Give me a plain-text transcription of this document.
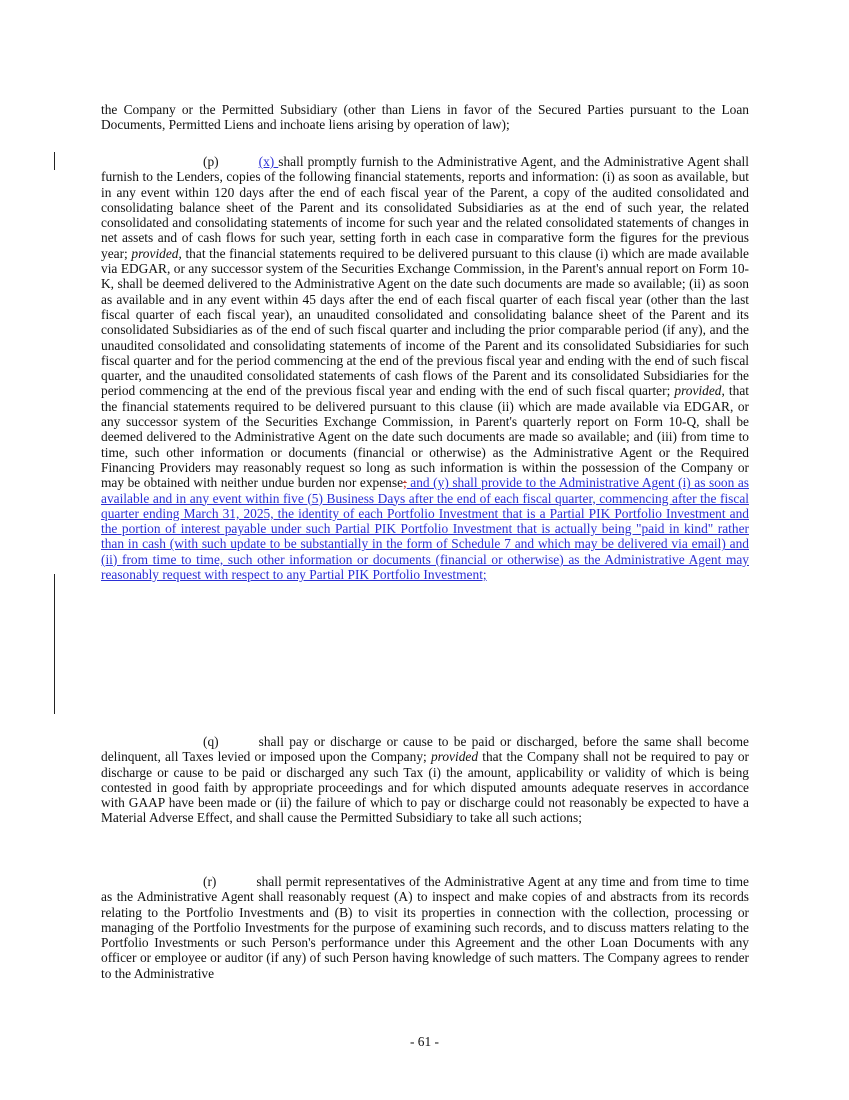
the Company or the Permitted Subsidiary (other than Liens in favor of the Secured Parties pursuant to the Loan Documents, Permitted Liens and inchoate liens arising by operation of law);
(p)	(x) shall promptly furnish to the Administrative Agent, and the Administrative Agent shall furnish to the Lenders, copies of the following financial statements, reports and information: (i) as soon as available, but in any event within 120 days after the end of each fiscal year of the Parent, a copy of the audited consolidated and consolidating balance sheet of the Parent and its consolidated Subsidiaries as at the end of such year, the related consolidated and consolidating statements of income for such year and the related consolidated statements of changes in net assets and of cash flows for such year, setting forth in each case in comparative form the figures for the previous year; provided, that the financial statements required to be delivered pursuant to this clause (i) which are made available via EDGAR, or any successor system of the Securities Exchange Commission, in the Parent's annual report on Form 10-K, shall be deemed delivered to the Administrative Agent on the date such documents are made so available; (ii) as soon as available and in any event within 45 days after the end of each fiscal quarter of each fiscal year (other than the last fiscal quarter of each fiscal year), an unaudited consolidated and consolidating balance sheet of the Parent and its consolidated Subsidiaries as of the end of such fiscal quarter and including the prior comparable period (if any), and the unaudited consolidated and consolidating statements of income of the Parent and its consolidated Subsidiaries for such fiscal quarter and for the period commencing at the end of the previous fiscal year and ending with the end of such fiscal quarter, and the unaudited consolidated statements of cash flows of the Parent and its consolidated Subsidiaries for the period commencing at the end of the previous fiscal year and ending with the end of such fiscal quarter; provided, that the financial statements required to be delivered pursuant to this clause (ii) which are made available via EDGAR, or any successor system of the Securities Exchange Commission, in Parent's quarterly report on Form 10-Q, shall be deemed delivered to the Administrative Agent on the date such documents are made so available; and (iii) from time to time, such other information or documents (financial or otherwise) as the Administrative Agent or the Required Financing Providers may reasonably request so long as such information is within the possession of the Company or may be obtained with neither undue burden nor expense; and (y) shall provide to the Administrative Agent (i) as soon as available and in any event within five (5) Business Days after the end of each fiscal quarter, commencing after the fiscal quarter ending March 31, 2025, the identity of each Portfolio Investment that is a Partial PIK Portfolio Investment and the portion of interest payable under such Partial PIK Portfolio Investment that is actually being "paid in kind" rather than in cash (with such update to be substantially in the form of Schedule 7 and which may be delivered via email) and (ii) from time to time, such other information or documents (financial or otherwise) as the Administrative Agent may reasonably request with respect to any Partial PIK Portfolio Investment;
(q)	shall pay or discharge or cause to be paid or discharged, before the same shall become delinquent, all Taxes levied or imposed upon the Company; provided that the Company shall not be required to pay or discharge or cause to be paid or discharged any such Tax (i) the amount, applicability or validity of which is being contested in good faith by appropriate proceedings and for which disputed amounts adequate reserves in accordance with GAAP have been made or (ii) the failure of which to pay or discharge could not reasonably be expected to have a Material Adverse Effect, and shall cause the Permitted Subsidiary to take all such actions;
(r)	shall permit representatives of the Administrative Agent at any time and from time to time as the Administrative Agent shall reasonably request (A) to inspect and make copies of and abstracts from its records relating to the Portfolio Investments and (B) to visit its properties in connection with the collection, processing or managing of the Portfolio Investments for the purpose of examining such records, and to discuss matters relating to the Portfolio Investments or such Person's performance under this Agreement and the other Loan Documents with any officer or employee or auditor (if any) of such Person having knowledge of such matters. The Company agrees to render to the Administrative
- 61 -
